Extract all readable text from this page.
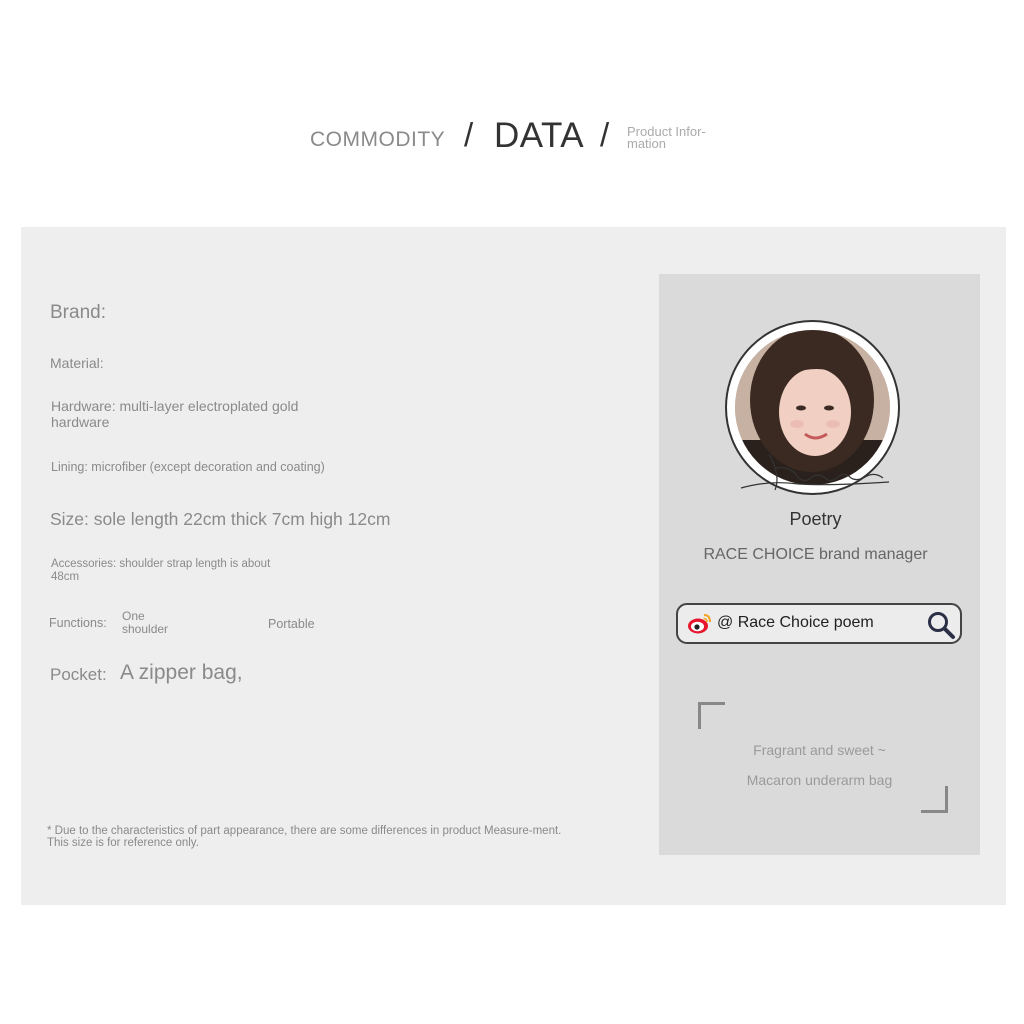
COMMODITY / DATA / Product Infor-
mation
Brand:
Material:
Hardware: multi-layer electroplated gold hardware
Lining: microfiber (except decoration and coating)
Size: sole length 22cm thick 7cm high 12cm
Accessories: shoulder strap length is about 48cm
Functions: One shoulder	Portable
Pocket: A zipper bag,
* Due to the characteristics of part appearance, there are some differences in product Measure-ment. This size is for reference only.
Poetry
RACE CHOICE brand manager
@ Race Choice poem
Fragrant and sweet ~
Macaron underarm bag
